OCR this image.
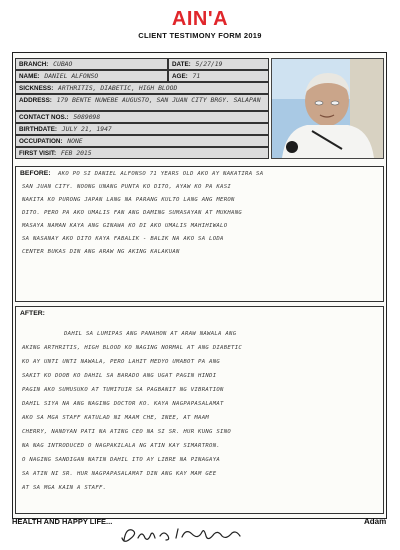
AIN'A
CLIENT TESTIMONY FORM 2019
BRANCH: CUBAO	DATE: 5/27/19
NAME: DANIEL ALFONSO	AGE: 71
SICKNESS: ARTHRITIS, DIABETIC, HIGH BLOOD
ADDRESS: 179 BENTE NUWEBE AUGUSTO, SAN JUAN CITY BRGY. SALAPAN
CONTACT NOS.: 5089098
BIRTHDATE: JULY 21, 1947
OCCUPATION: NONE
FIRST VISIT: FEB 2015
BEFORE: AKO PO SI DANIEL ALFONSO 71 YEARS OLD AKO AY NAKATIRA SA
SAN JUAN CITY. NOONG UNANG PUNTA KO DITO, AYAW KO PA KASI
NAKITA KO PURONG JAPAN LANG NA PARANG KULTO LANG ANG MERON
DITO. PERO PA AKO UMALIS FAN ANG DAMING SUMASAYAN AT MUKHANG
MASAYA NAMAN KAYA ANG GINAWA KO DI AKO UMALIS MAHIHIWALO
SA NASANAY AKO DITO KAYA FABALIK - BALIK NA AKO SA LODA
CENTER BUKAS DIN ANG ARAW NG AKING KALAKUAN
AFTER:
DAHIL SA LUMIPAS ANG PANAHON AT ARAW NAWALA ANG
AKING ARTHRITIS, HIGH BLOOD KO NAGING NORMAL AT ANG DIABETIC
KO AY UNTI UNTI NAWALA, PERO LAHIT MEDYO UMABOT PA ANG
SAKIT KO DOOB KO DAHIL SA BARADO ANG UGAT PAGIN HINDI
PAGIN AKO SUMUSUKO AT TUMITUIR SA PAGBANIT NG VIBRATION
DAHIL SIYA NA ANG NAGING DOCTOR KO. KAYA NAGPAPASALAMAT
AKO SA MGA STAFF KATULAD NI MAAM CHE, INEE, AT MAAM
CHERRY, NANDYAN PATI NA ATING CEO NA SI SR. HUR KUNG SINO
NA NAG INTRODUCED O NAGPAKILALA NG ATIN KAY SIMARTRON.
O NAGING SANDIGAN NATIN DAHIL ITO AY LIBRE NA PINAGAYA
SA ATIN NI SR. HUR NAGPAPASALAMAT DIN ANG KAY MAM GEE
AT SA MGA KAIN A STAFF.
HEALTH AND HAPPY LIFE...	Adam
